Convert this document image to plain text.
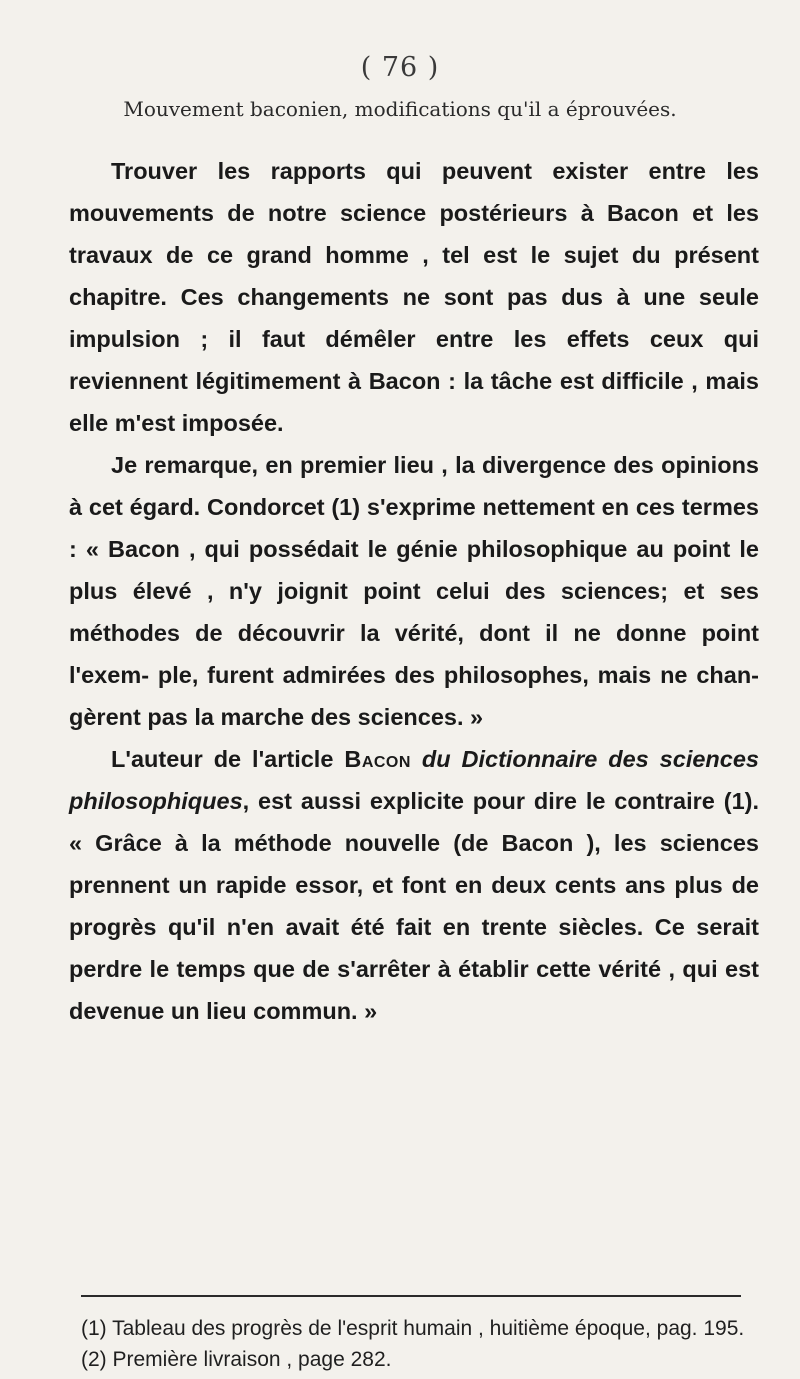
( 76 )
Mouvement baconien, modifications qu'il a éprouvées.

Trouver les rapports qui peuvent exister entre les mouvements de notre science postérieurs à Bacon et les travaux de ce grand homme , tel est le sujet du présent chapitre. Ces changements ne sont pas dus à une seule impulsion ; il faut démêler entre les effets ceux qui reviennent légitimement à Bacon : la tâche est difficile , mais elle m'est imposée.

Je remarque, en premier lieu , la divergence des opinions à cet égard. Condorcet (1) s'exprime nettement en ces termes : « Bacon , qui possédait le génie philosophique au point le plus élevé , n'y joignit point celui des sciences; et ses méthodes de découvrir la vérité, dont il ne donne point l'exem- ple, furent admirées des philosophes, mais ne chan- gèrent pas la marche des sciences. »

L'auteur de l'article Bacon du Dictionnaire des sciences philosophiques, est aussi explicite pour dire le contraire (1). « Grâce à la méthode nouvelle (de Bacon ), les sciences prennent un rapide essor, et font en deux cents ans plus de progrès qu'il n'en avait été fait en trente siècles. Ce serait perdre le temps que de s'arrêter à établir cette vérité , qui est devenue un lieu commun. »

(1) Tableau des progrès de l'esprit humain , huitième époque, pag. 195.

(2) Première livraison , page 282.
